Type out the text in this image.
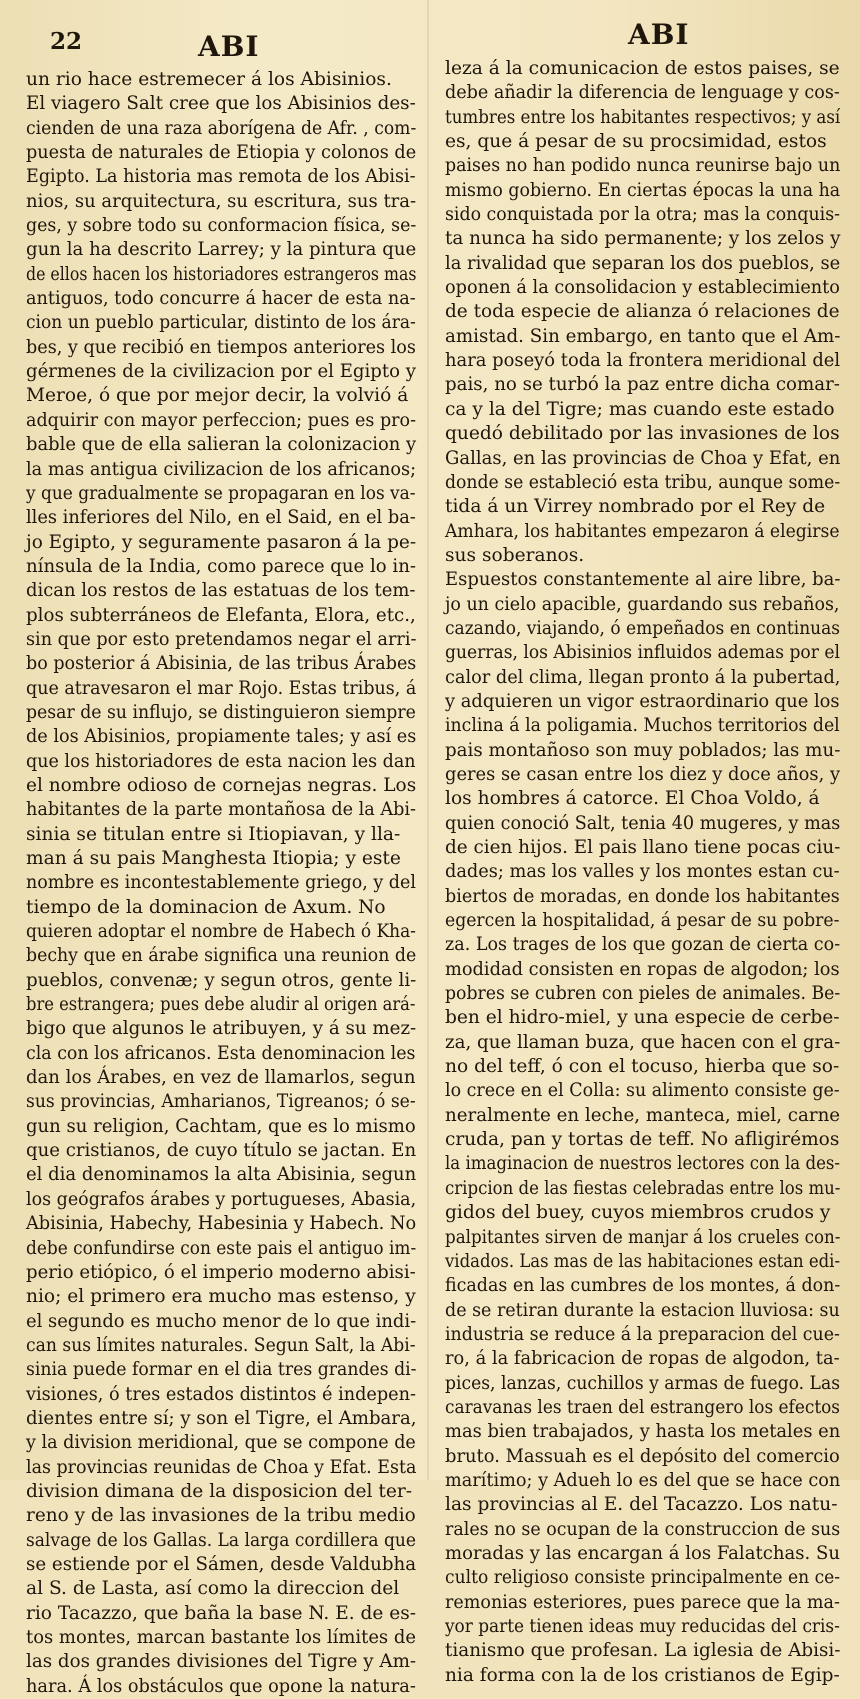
22	ABI	ABI
un rio hace estremecer á los Abisinios.
El viagero Salt cree que los Abisinios des-
cienden de una raza aborígena de Afr. , com-
puesta de naturales de Etiopia y colonos de
Egipto. La historia mas remota de los Abisi-
nios, su arquitectura, su escritura, sus tra-
ges, y sobre todo su conformacion física, se-
gun la ha descrito Larrey; y la pintura que
de ellos hacen los historiadores estrangeros mas
antiguos, todo concurre á hacer de esta na-
cion un pueblo particular, distinto de los ára-
bes, y que recibió en tiempos anteriores los
gérmenes de la civilizacion por el Egipto y
Meroe, ó que por mejor decir, la volvió á
adquirir con mayor perfeccion; pues es pro-
bable que de ella salieran la colonizacion y
la mas antigua civilizacion de los africanos;
y que gradualmente se propagaran en los va-
lles inferiores del Nilo, en el Said, en el ba-
jo Egipto, y seguramente pasaron á la pe-
nínsula de la India, como parece que lo in-
dican los restos de las estatuas de los tem-
plos subterráneos de Elefanta, Elora, etc.,
sin que por esto pretendamos negar el arri-
bo posterior á Abisinia, de las tribus Árabes
que atravesaron el mar Rojo. Estas tribus, á
pesar de su influjo, se distinguieron siempre
de los Abisinios, propiamente tales; y así es
que los historiadores de esta nacion les dan
el nombre odioso de cornejas negras. Los
habitantes de la parte montañosa de la Abi-
sinia se titulan entre si Itiopiavan, y lla-
man á su pais Manghesta Itiopia; y este
nombre es incontestablemente griego, y del
tiempo de la dominacion de Axum. No
quieren adoptar el nombre de Habech ó Kha-
bechy que en árabe significa una reunion de
pueblos, convenæ; y segun otros, gente li-
bre estrangera; pues debe aludir al origen ará-
bigo que algunos le atribuyen, y á su mez-
cla con los africanos. Esta denominacion les
dan los Árabes, en vez de llamarlos, segun
sus provincias, Amharianos, Tigreanos; ó se-
gun su religion, Cachtam, que es lo mismo
que cristianos, de cuyo título se jactan. En
el dia denominamos la alta Abisinia, segun
los geógrafos árabes y portugueses, Abasia,
Abisinia, Habechy, Habesinia y Habech. No
debe confundirse con este pais el antiguo im-
perio etiópico, ó el imperio moderno abisi-
nio; el primero era mucho mas estenso, y
el segundo es mucho menor de lo que indi-
can sus límites naturales. Segun Salt, la Abi-
sinia puede formar en el dia tres grandes di-
visiones, ó tres estados distintos é indepen-
dientes entre sí; y son el Tigre, el Ambara,
y la division meridional, que se compone de
las provincias reunidas de Choa y Efat. Esta
division dimana de la disposicion del ter-
reno y de las invasiones de la tribu medio
salvage de los Gallas. La larga cordillera que
se estiende por el Sámen, desde Valdubha
al S. de Lasta, así como la direccion del
rio Tacazzo, que baña la base N. E. de es-
tos montes, marcan bastante los límites de
las dos grandes divisiones del Tigre y Am-
hara. Á los obstáculos que opone la natura-
leza á la comunicacion de estos paises, se
debe añadir la diferencia de lenguage y cos-
tumbres entre los habitantes respectivos; y así
es, que á pesar de su procsimidad, estos
paises no han podido nunca reunirse bajo un
mismo gobierno. En ciertas épocas la una ha
sido conquistada por la otra; mas la conquis-
ta nunca ha sido permanente; y los zelos y
la rivalidad que separan los dos pueblos, se
oponen á la consolidacion y establecimiento
de toda especie de alianza ó relaciones de
amistad. Sin embargo, en tanto que el Am-
hara poseyó toda la frontera meridional del
pais, no se turbó la paz entre dicha comar-
ca y la del Tigre; mas cuando este estado
quedó debilitado por las invasiones de los
Gallas, en las provincias de Choa y Efat, en
donde se estableció esta tribu, aunque some-
tida á un Virrey nombrado por el Rey de
Amhara, los habitantes empezaron á elegirse
sus soberanos.
Espuestos constantemente al aire libre, ba-
jo un cielo apacible, guardando sus rebaños,
cazando, viajando, ó empeñados en continuas
guerras, los Abisinios influidos ademas por el
calor del clima, llegan pronto á la pubertad,
y adquieren un vigor estraordinario que los
inclina á la poligamia. Muchos territorios del
pais montañoso son muy poblados; las mu-
geres se casan entre los diez y doce años, y
los hombres á catorce. El Choa Voldo, á
quien conoció Salt, tenia 40 mugeres, y mas
de cien hijos. El pais llano tiene pocas ciu-
dades; mas los valles y los montes estan cu-
biertos de moradas, en donde los habitantes
egercen la hospitalidad, á pesar de su pobre-
za. Los trages de los que gozan de cierta co-
modidad consisten en ropas de algodon; los
pobres se cubren con pieles de animales. Be-
ben el hidro-miel, y una especie de cerbe-
za, que llaman buza, que hacen con el gra-
no del teff, ó con el tocuso, hierba que so-
lo crece en el Colla: su alimento consiste ge-
neralmente en leche, manteca, miel, carne
cruda, pan y tortas de teff. No afligirémos
la imaginacion de nuestros lectores con la des-
cripcion de las fiestas celebradas entre los mu-
gidos del buey, cuyos miembros crudos y
palpitantes sirven de manjar á los crueles con-
vidados. Las mas de las habitaciones estan edi-
ficadas en las cumbres de los montes, á don-
de se retiran durante la estacion lluviosa: su
industria se reduce á la preparacion del cue-
ro, á la fabricacion de ropas de algodon, ta-
pices, lanzas, cuchillos y armas de fuego. Las
caravanas les traen del estrangero los efectos
mas bien trabajados, y hasta los metales en
bruto. Massuah es el depósito del comercio
marítimo; y Adueh lo es del que se hace con
las provincias al E. del Tacazzo. Los natu-
rales no se ocupan de la construccion de sus
moradas y las encargan á los Falatchas. Su
culto religioso consiste principalmente en ce-
remonias esteriores, pues parece que la ma-
yor parte tienen ideas muy reducidas del cris-
tianismo que profesan. La iglesia de Abisi-
nia forma con la de los cristianos de Egip-
